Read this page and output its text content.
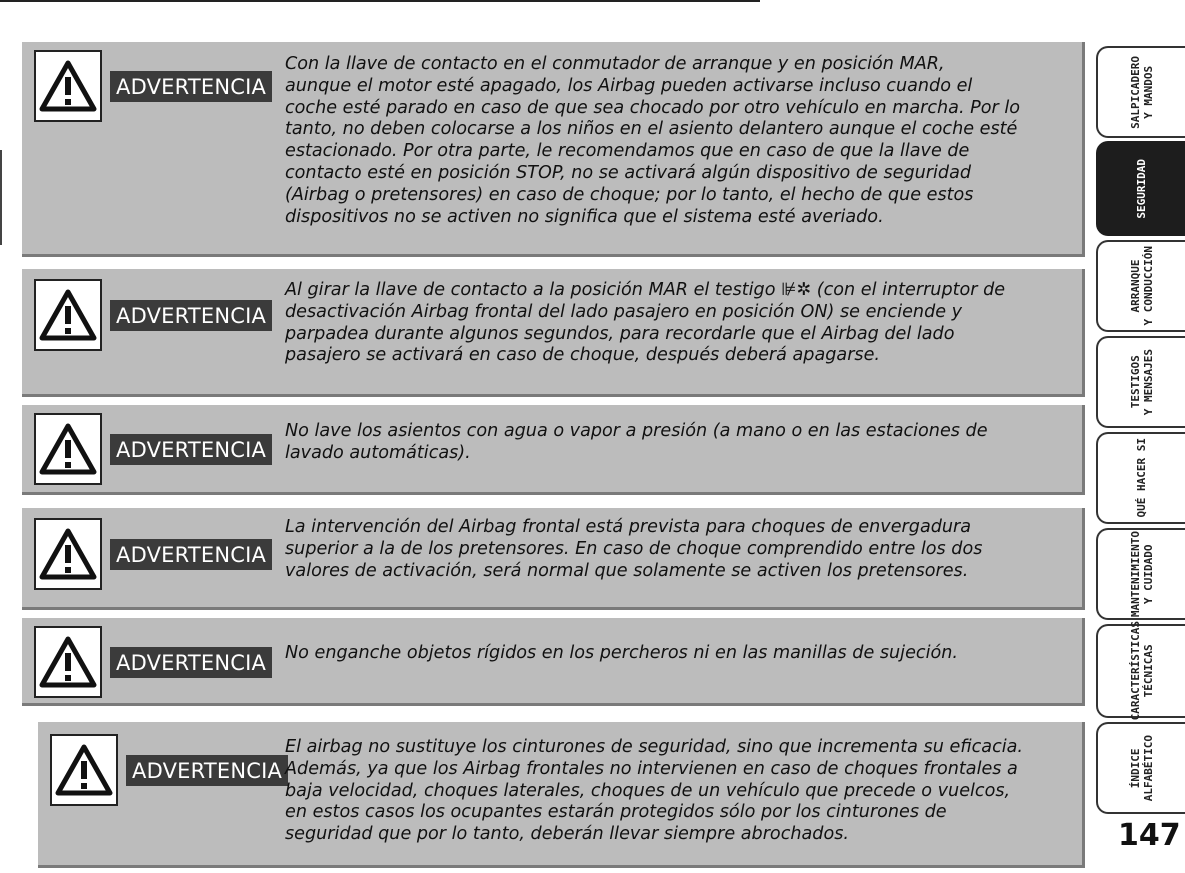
ADVERTENCIA
Con la llave de contacto en el conmutador de arranque y en posición MAR,
aunque el motor esté apagado, los Airbag pueden activarse incluso cuando el
coche esté parado en caso de que sea chocado por otro vehículo en marcha. Por lo
tanto, no deben colocarse a los niños en el asiento delantero aunque el coche esté
estacionado. Por otra parte, le recomendamos que en caso de que la llave de
contacto esté en posición STOP, no se activará algún dispositivo de seguridad
(Airbag o pretensores) en caso de choque; por lo tanto, el hecho de que estos
dispositivos no se activen no significa que el sistema esté averiado.
ADVERTENCIA
Al girar la llave de contacto a la posición MAR el testigo ⊯✲ (con el interruptor de
desactivación Airbag frontal del lado pasajero en posición ON) se enciende y
parpadea durante algunos segundos, para recordarle que el Airbag del lado
pasajero se activará en caso de choque, después deberá apagarse.
ADVERTENCIA
No lave los asientos con agua o vapor a presión (a mano o en las estaciones de
lavado automáticas).
ADVERTENCIA
La intervención del Airbag frontal está prevista para choques de envergadura
superior a la de los pretensores. En caso de choque comprendido entre los dos
valores de activación, será normal que solamente se activen los pretensores.
ADVERTENCIA	No enganche objetos rígidos en los percheros ni en las manillas de sujeción.
ADVERTENCIA
El airbag no sustituye los cinturones de seguridad, sino que incrementa su eficacia.
Además, ya que los Airbag frontales no intervienen en caso de choques frontales a
baja velocidad, choques laterales, choques de un vehículo que precede o vuelcos,
en estos casos los ocupantes estarán protegidos sólo por los cinturones de
seguridad que por lo tanto, deberán llevar siempre abrochados.
SALPICADERO
Y MANDOS
SEGURIDAD
ARRANQUE
Y CONDUCCIÓN
TESTIGOS
Y MENSAJES
QUÉ HACER SI
MANTENIMIENTO
Y CUIDADO
CARACTERÍSTICAS
TÉCNICAS
ÍNDICE
ALFABÉTICO
147
